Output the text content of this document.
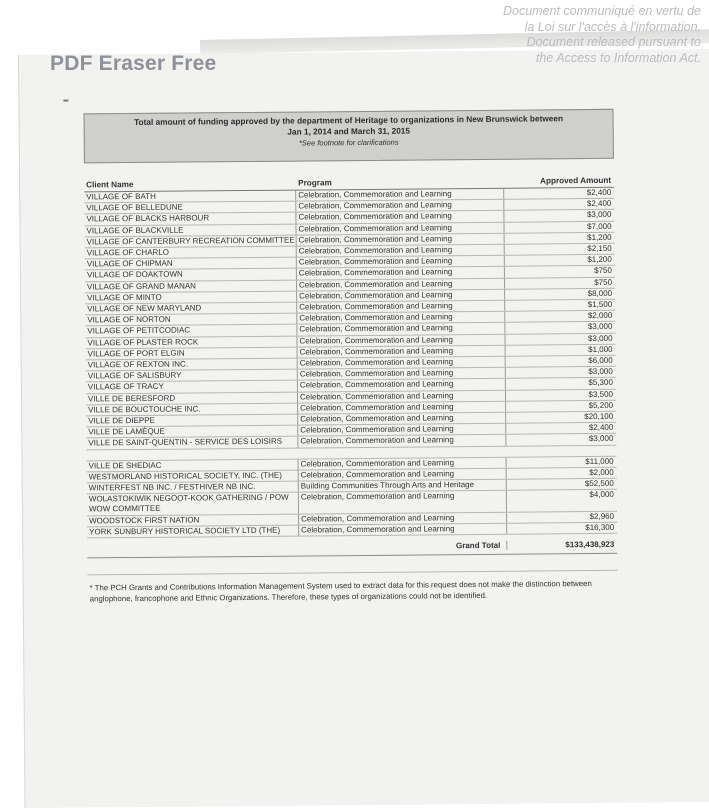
Total amount of funding approved by the department of Heritage to organizations in New Brunswick between
Jan 1, 2014 and March 31, 2015
*See footnote for clarifications
Client Name	Program	Approved Amount
VILLAGE OF BATH	Celebration, Commemoration and Learning	$2,400
VILLAGE OF BELLEDUNE	Celebration, Commemoration and Learning	$2,400
VILLAGE OF BLACKS HARBOUR	Celebration, Commemoration and Learning	$3,000
VILLAGE OF BLACKVILLE	Celebration, Commemoration and Learning	$7,000
VILLAGE OF CANTERBURY RECREATION COMMITTEE Celebration, Commemoration and Learning	$1,200
VILLAGE OF CHARLO	Celebration, Commemoration and Learning	$2,150
VILLAGE OF CHIPMAN	Celebration, Commemoration and Learning	$1,200
VILLAGE OF DOAKTOWN	Celebration, Commemoration and Learning	$750
VILLAGE OF GRAND MANAN	Celebration, Commemoration and Learning	$750
VILLAGE OF MINTO	Celebration, Commemoration and Learning	$8,000
VILLAGE OF NEW MARYLAND	Celebration, Commemoration and Learning	$1,500
VILLAGE OF NORTON	Celebration, Commemoration and Learning	$2,000
VILLAGE OF PETITCODIAC	Celebration, Commemoration and Learning	$3,000
VILLAGE OF PLASTER ROCK	Celebration, Commemoration and Learning	$3,000
VILLAGE OF PORT ELGIN	Celebration, Commemoration and Learning	$1,000
VILLAGE OF REXTON INC.	Celebration, Commemoration and Learning	$6,000
VILLAGE OF SALISBURY	Celebration, Commemoration and Learning	$3,000
VILLAGE OF TRACY	Celebration, Commemoration and Learning	$5,300
VILLE DE BERESFORD	Celebration, Commemoration and Learning	$3,500
VILLE DE BOUCTOUCHE INC.	Celebration, Commemoration and Learning	$5,200
VILLE DE DIEPPE	Celebration, Commemoration and Learning	$20,100
VILLE DE LAMÈQUE	Celebration, Commemoration and Learning	$2,400
VILLE DE SAINT-QUENTIN - SERVICE DES LOISIRS	Celebration, Commemoration and Learning	$3,000
VILLE DE SHEDIAC	Celebration, Commemoration and Learning	$11,000
WESTMORLAND HISTORICAL SOCIETY, INC. (THE)	Celebration, Commemoration and Learning	$2,000
WINTERFEST NB INC. / FESTHIVER NB INC.	Building Communities Through Arts and Heritage	$52,500
WOLASTOKIWIK NEGOOT-KOOK GATHERING / POW WOW COMMITTEE
Celebration, Commemoration and Learning	$4,000
WOODSTOCK FIRST NATION	Celebration, Commemoration and Learning	$2,960
YORK SUNBURY HISTORICAL SOCIETY LTD (THE)	Celebration, Commemoration and Learning	$16,300
Grand Total	$133,438,923
* The PCH Grants and Contributions Information Management System used to extract data for this request does not make the distinction between anglophone, francophone and Ethnic Organizations. Therefore, these types of organizations could not be identified.
Document communiqué en vertu de
la Loi sur l'accès à l'information.
Document released pursuant to
the Access to Information Act.
PDF Eraser Free
